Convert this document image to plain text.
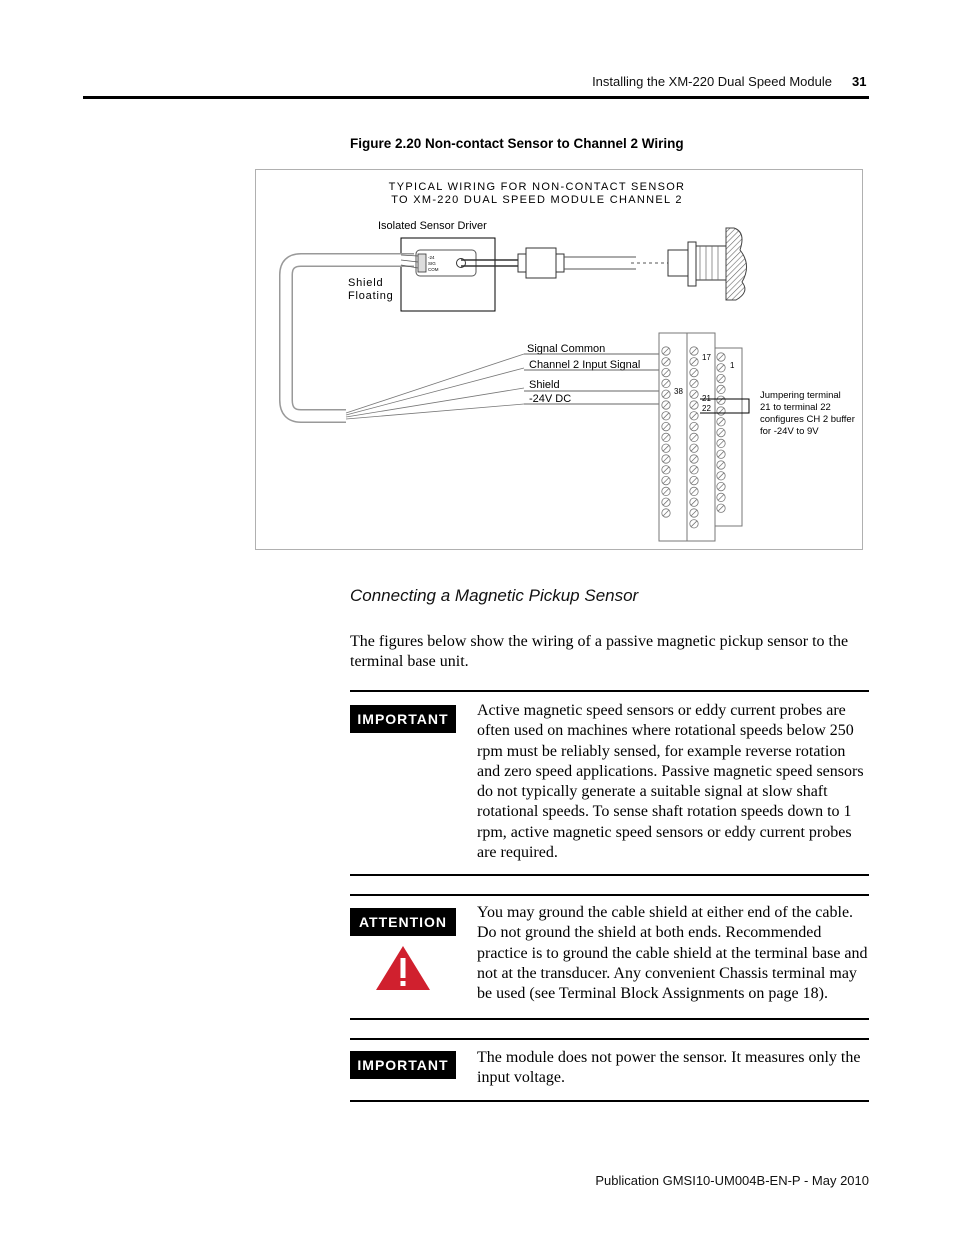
Installing the XM-220 Dual Speed Module 31
Figure 2.20 Non-contact Sensor to Channel 2 Wiring
TYPICAL WIRING FOR NON-CONTACT SENSOR
TO XM-220 DUAL SPEED MODULE CHANNEL 2
Isolated Sensor Driver
-24
SIG
COM
Shield
Floating
Signal Common
Channel 2 Input Signal
Shield
-24V DC
17
1
38
21
22
Jumpering terminal
21 to terminal 22
configures CH 2 buffer
for -24V to 9V
Connecting a Magnetic Pickup Sensor
The figures below show the wiring of a passive magnetic pickup sensor to the terminal base unit.
IMPORTANT	Active magnetic speed sensors or eddy current probes are often used on machines where rotational speeds below 250 rpm must be reliably sensed, for example reverse rotation and zero speed applications. Passive magnetic speed sensors do not typically generate a suitable signal at slow shaft rotational speeds. To sense shaft rotation speeds down to 1 rpm, active magnetic speed sensors or eddy current probes are required.
ATTENTION
You may ground the cable shield at either end of the cable. Do not ground the shield at both ends. Recommended practice is to ground the cable shield at the terminal base and not at the transducer. Any convenient Chassis terminal may be used (see Terminal Block Assignments on page 18).
IMPORTANT	The module does not power the sensor. It measures only the input voltage.
Publication GMSI10-UM004B-EN-P - May 2010
